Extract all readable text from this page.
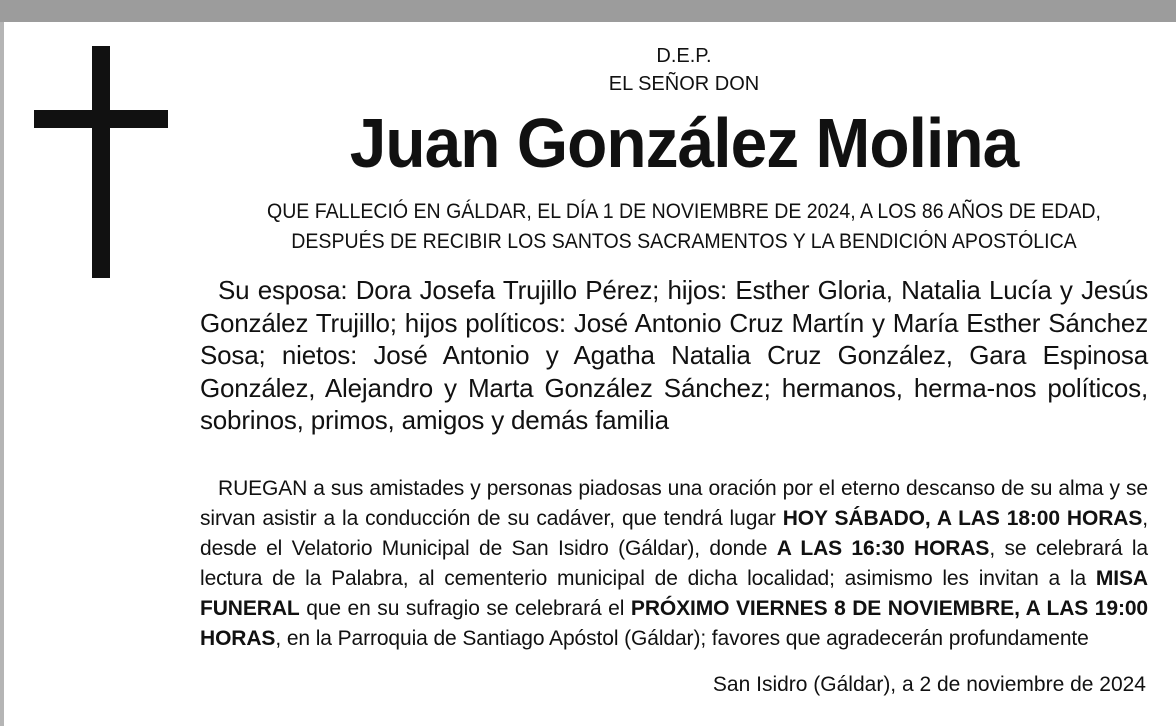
D.E.P.
EL SEÑOR DON
Juan González Molina
QUE FALLECIÓ EN GÁLDAR, EL DÍA 1 DE NOVIEMBRE DE 2024, A LOS 86 AÑOS DE EDAD,
DESPUÉS DE RECIBIR LOS SANTOS SACRAMENTOS Y LA BENDICIÓN APOSTÓLICA

Su esposa: Dora Josefa Trujillo Pérez; hijos: Esther Gloria, Natalia Lucía y Jesús González Trujillo; hijos políticos: José Antonio Cruz Martín y María Esther Sánchez Sosa; nietos: José Antonio y Agatha Natalia Cruz González, Gara Espinosa González, Alejandro y Marta González Sánchez; hermanos, herma-nos políticos, sobrinos, primos, amigos y demás familia

RUEGAN a sus amistades y personas piadosas una oración por el eterno descanso de su alma y se sirvan asistir a la conducción de su cadáver, que tendrá lugar HOY SÁBADO, A LAS 18:00 HORAS, desde el Velatorio Municipal de San Isidro (Gáldar), donde A LAS 16:30 HORAS, se celebrará la lectura de la Palabra, al cementerio municipal de dicha localidad; asimismo les invitan a la MISA FUNERAL que en su sufragio se celebrará el PRÓXIMO VIERNES 8 DE NOVIEMBRE, A LAS 19:00 HORAS, en la Parroquia de Santiago Apóstol (Gáldar); favores que agradecerán profundamente

San Isidro (Gáldar), a 2 de noviembre de 2024
